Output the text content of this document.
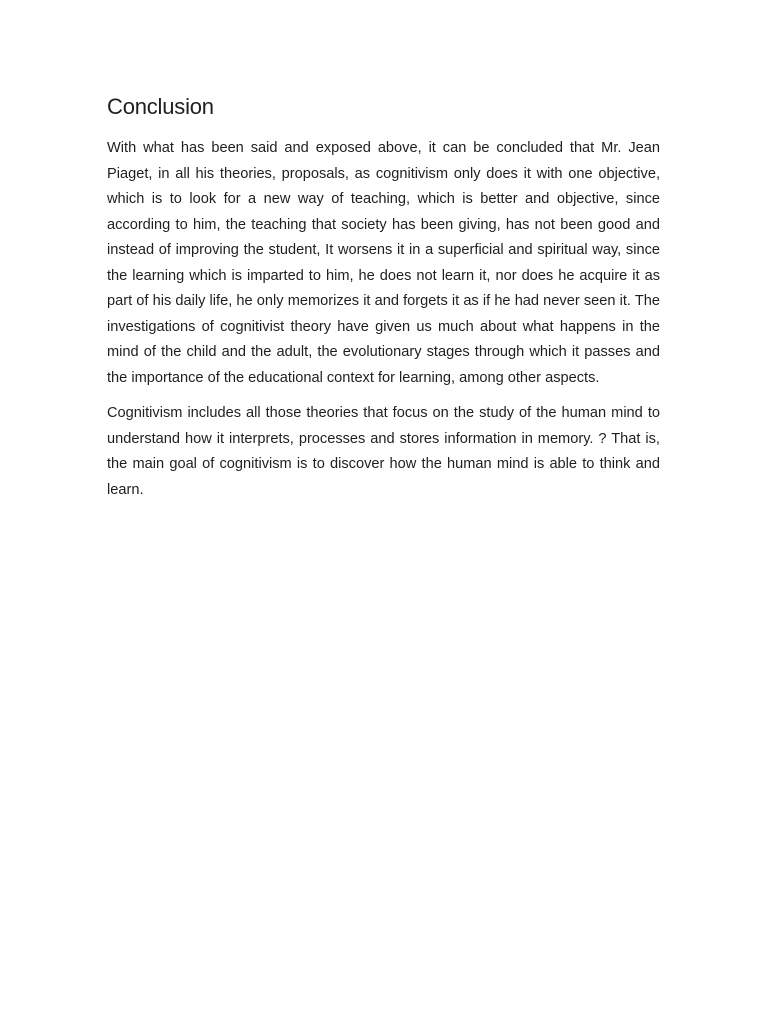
Conclusion

With what has been said and exposed above, it can be concluded that Mr. Jean Piaget, in all his theories, proposals, as cognitivism only does it with one objective, which is to look for a new way of teaching, which is better and objective, since according to him, the teaching that society has been giving, has not been good and instead of improving the student, It worsens it in a superficial and spiritual way, since the learning which is imparted to him, he does not learn it, nor does he acquire it as part of his daily life, he only memorizes it and forgets it as if he had never seen it. The investigations of cognitivist theory have given us much about what happens in the mind of the child and the adult, the evolutionary stages through which it passes and the importance of the educational context for learning, among other aspects.

Cognitivism includes all those theories that focus on the study of the human mind to understand how it interprets, processes and stores information in memory. ? That is, the main goal of cognitivism is to discover how the human mind is able to think and learn.
